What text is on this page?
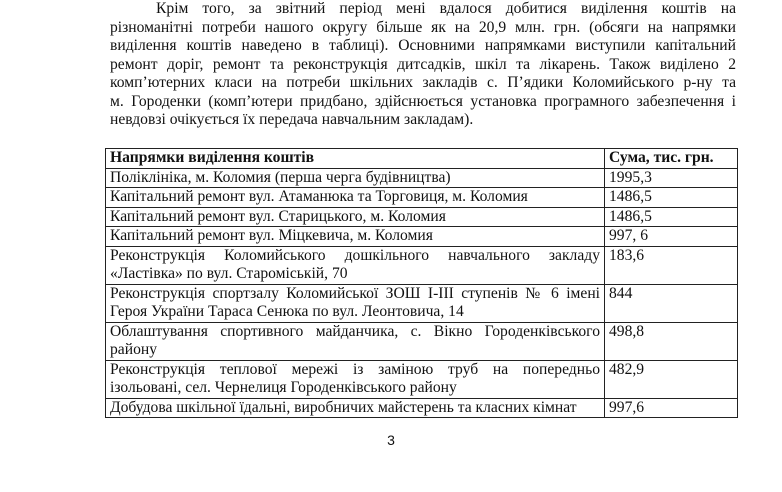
Крім того, за звітний період мені вдалося добитися виділення коштів на
різноманітні потреби нашого округу більше як на 20,9 млн. грн. (обсяги на напрямки
виділення коштів наведено в таблиці). Основними напрямками виступили капітальний
ремонт доріг, ремонт та реконструкція дитсадків, шкіл та лікарень. Також виділено 2
комп’ютерних класи на потреби шкільних закладів с. П’ядики Коломийського р-ну та
м. Городенки (комп’ютери придбано, здійснюється установка програмного забезпечення і
невдовзі очікується їх передача навчальним закладам).
Напрямки виділення коштів	Сума, тис. грн.
Поліклініка, м. Коломия (перша черга будівництва)	1995,3
Капітальний ремонт вул. Атаманюка та Торговиця, м. Коломия	1486,5
Капітальний ремонт вул. Старицького, м. Коломия	1486,5
Капітальний ремонт вул. Міцкевича, м. Коломия	997, 6

Реконструкція Коломийського дошкільного навчального закладу
«Ластівка» по вул. Старомiській, 70	183,6

Реконструкція спортзалу Коломийської ЗОШ І-ІІІ ступенів № 6 імені
Героя України Тараса Сенюка по вул. Леонтовича, 14	844

Облаштування спортивного майданчика, с. Вікно Городенківського
району	498,8

Реконструкція теплової мережі із заміною труб на попередньо
ізольовані, сел. Чернелиця Городенківського району	482,9
Добудова шкільної їдальні, виробничих майстерень та класних кімнат	997,6
3
